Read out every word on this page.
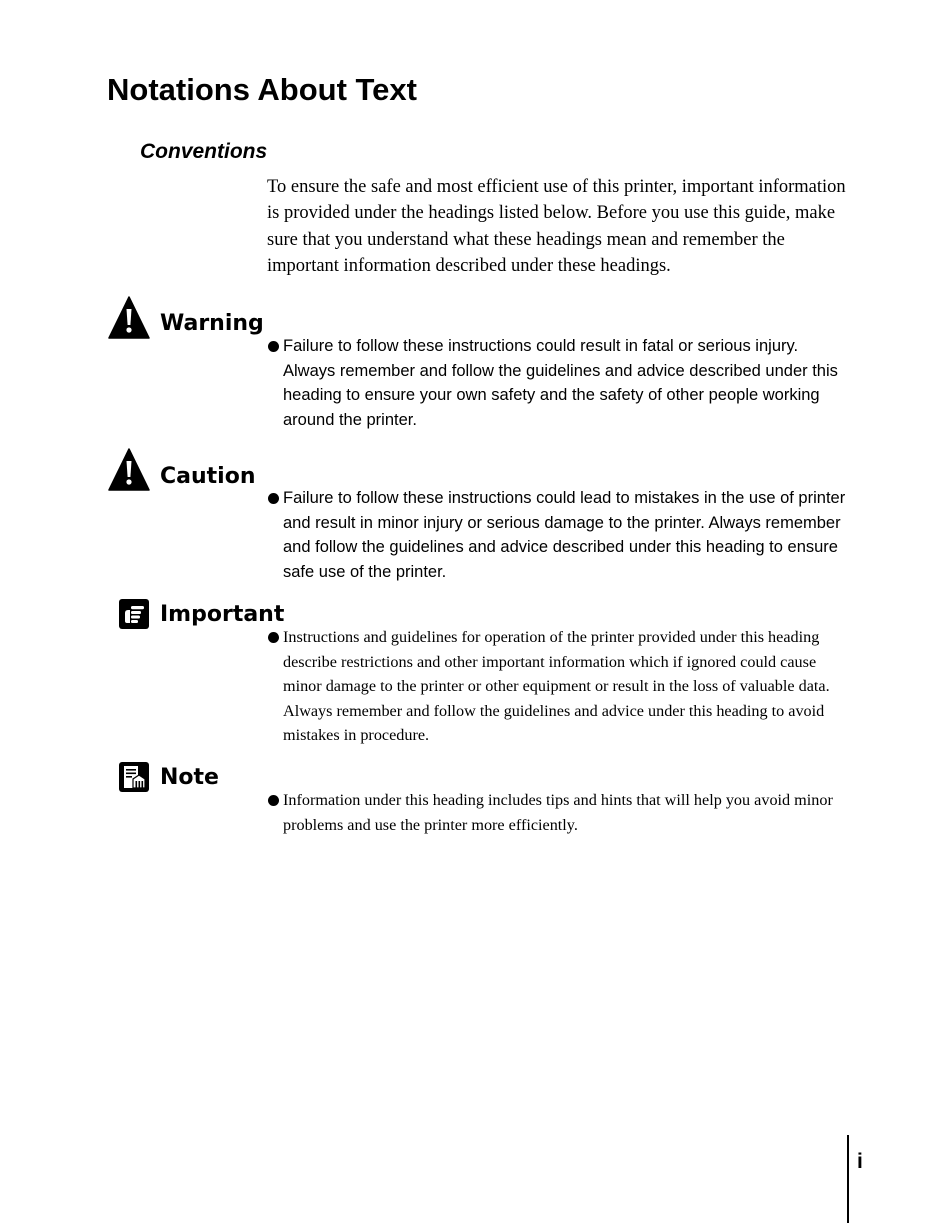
Notations About Text
Conventions
To ensure the safe and most efficient use of this printer, important information is provided under the headings listed below. Before you use this guide, make sure that you understand what these headings mean and remember the important information described under these headings.
Warning
Failure to follow these instructions could result in fatal or serious injury. Always remember and follow the guidelines and advice described under this heading to ensure your own safety and the safety of other people working around the printer.
Caution
Failure to follow these instructions could lead to mistakes in the use of printer and result in minor injury or serious damage to the printer. Always remember and follow the guidelines and advice described under this heading to ensure safe use of the printer.
Important
Instructions and guidelines for operation of the printer provided under this heading describe restrictions and other important information which if ignored could cause minor damage to the printer or other equipment or result in the loss of valuable data. Always remember and follow the guidelines and advice under this heading to avoid mistakes in procedure.
Note
Information under this heading includes tips and hints that will help you avoid minor problems and use the printer more efficiently.
i
